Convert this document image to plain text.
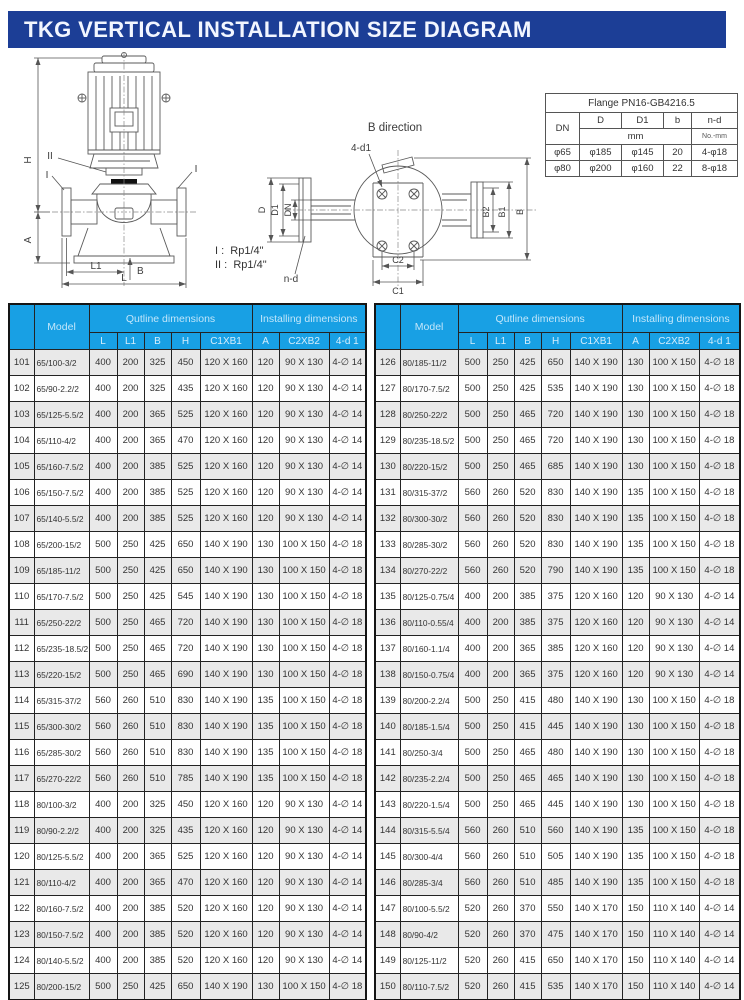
TKG VERTICAL INSTALLATION SIZE DIAGRAM
H
A
L1
L
B
II
I
I
B direction
D D1 DN
n-d
4-d1
B2 B1 B
C2
C1
I :  Rp1/4"
II :  Rp1/4"
Flange PN16-GB4216.5				
DN	D	D1	b	n-d
	mm			No.-mm
φ65	φ185	φ145	20	4-φ18
φ80	φ200	φ160	22	8-φ18
	Model	Qutline dimensions					Installing dimensions		
		L	L1	B	H	C1XB1	A	C2XB2	4-d 1
101	65/100-3/2	400	200	325	450	120 X 160	120	90 X 130	4-∅ 14
102	65/90-2.2/2	400	200	325	435	120 X 160	120	90 X 130	4-∅ 14
103	65/125-5.5/2	400	200	365	525	120 X 160	120	90 X 130	4-∅ 14
104	65/110-4/2	400	200	365	470	120 X 160	120	90 X 130	4-∅ 14
105	65/160-7.5/2	400	200	385	525	120 X 160	120	90 X 130	4-∅ 14
106	65/150-7.5/2	400	200	385	525	120 X 160	120	90 X 130	4-∅ 14
107	65/140-5.5/2	400	200	385	525	120 X 160	120	90 X 130	4-∅ 14
108	65/200-15/2	500	250	425	650	140 X 190	130	100 X 150	4-∅ 18
109	65/185-11/2	500	250	425	650	140 X 190	130	100 X 150	4-∅ 18
110	65/170-7.5/2	500	250	425	545	140 X 190	130	100 X 150	4-∅ 18
111	65/250-22/2	500	250	465	720	140 X 190	130	100 X 150	4-∅ 18
112	65/235-18.5/2	500	250	465	720	140 X 190	130	100 X 150	4-∅ 18
113	65/220-15/2	500	250	465	690	140 X 190	130	100 X 150	4-∅ 18
114	65/315-37/2	560	260	510	830	140 X 190	135	100 X 150	4-∅ 18
115	65/300-30/2	560	260	510	830	140 X 190	135	100 X 150	4-∅ 18
116	65/285-30/2	560	260	510	830	140 X 190	135	100 X 150	4-∅ 18
117	65/270-22/2	560	260	510	785	140 X 190	135	100 X 150	4-∅ 18
118	80/100-3/2	400	200	325	450	120 X 160	120	90 X 130	4-∅ 14
119	80/90-2.2/2	400	200	325	435	120 X 160	120	90 X 130	4-∅ 14
120	80/125-5.5/2	400	200	365	525	120 X 160	120	90 X 130	4-∅ 14
121	80/110-4/2	400	200	365	470	120 X 160	120	90 X 130	4-∅ 14
122	80/160-7.5/2	400	200	385	520	120 X 160	120	90 X 130	4-∅ 14
123	80/150-7.5/2	400	200	385	520	120 X 160	120	90 X 130	4-∅ 14
124	80/140-5.5/2	400	200	385	520	120 X 160	120	90 X 130	4-∅ 14
125	80/200-15/2	500	250	425	650	140 X 190	130	100 X 150	4-∅ 18
	Model	Qutline dimensions					Installing dimensions		
		L	L1	B	H	C1XB1	A	C2XB2	4-d 1
126	80/185-11/2	500	250	425	650	140 X 190	130	100 X 150	4-∅ 18
127	80/170-7.5/2	500	250	425	535	140 X 190	130	100 X 150	4-∅ 18
128	80/250-22/2	500	250	465	720	140 X 190	130	100 X 150	4-∅ 18
129	80/235-18.5/2	500	250	465	720	140 X 190	130	100 X 150	4-∅ 18
130	80/220-15/2	500	250	465	685	140 X 190	130	100 X 150	4-∅ 18
131	80/315-37/2	560	260	520	830	140 X 190	135	100 X 150	4-∅ 18
132	80/300-30/2	560	260	520	830	140 X 190	135	100 X 150	4-∅ 18
133	80/285-30/2	560	260	520	830	140 X 190	135	100 X 150	4-∅ 18
134	80/270-22/2	560	260	520	790	140 X 190	135	100 X 150	4-∅ 18
135	80/125-0.75/4	400	200	385	375	120 X 160	120	90 X 130	4-∅ 14
136	80/110-0.55/4	400	200	385	375	120 X 160	120	90 X 130	4-∅ 14
137	80/160-1.1/4	400	200	365	385	120 X 160	120	90 X 130	4-∅ 14
138	80/150-0.75/4	400	200	365	375	120 X 160	120	90 X 130	4-∅ 14
139	80/200-2.2/4	500	250	415	480	140 X 190	130	100 X 150	4-∅ 18
140	80/185-1.5/4	500	250	415	445	140 X 190	130	100 X 150	4-∅ 18
141	80/250-3/4	500	250	465	480	140 X 190	130	100 X 150	4-∅ 18
142	80/235-2.2/4	500	250	465	465	140 X 190	130	100 X 150	4-∅ 18
143	80/220-1.5/4	500	250	465	445	140 X 190	130	100 X 150	4-∅ 18
144	80/315-5.5/4	560	260	510	560	140 X 190	135	100 X 150	4-∅ 18
145	80/300-4/4	560	260	510	505	140 X 190	135	100 X 150	4-∅ 18
146	80/285-3/4	560	260	510	485	140 X 190	135	100 X 150	4-∅ 18
147	80/100-5.5/2	520	260	370	550	140 X 170	150	110 X 140	4-∅ 14
148	80/90-4/2	520	260	370	475	140 X 170	150	110 X 140	4-∅ 14
149	80/125-11/2	520	260	415	650	140 X 170	150	110 X 140	4-∅ 14
150	80/110-7.5/2	520	260	415	535	140 X 170	150	110 X 140	4-∅ 14
